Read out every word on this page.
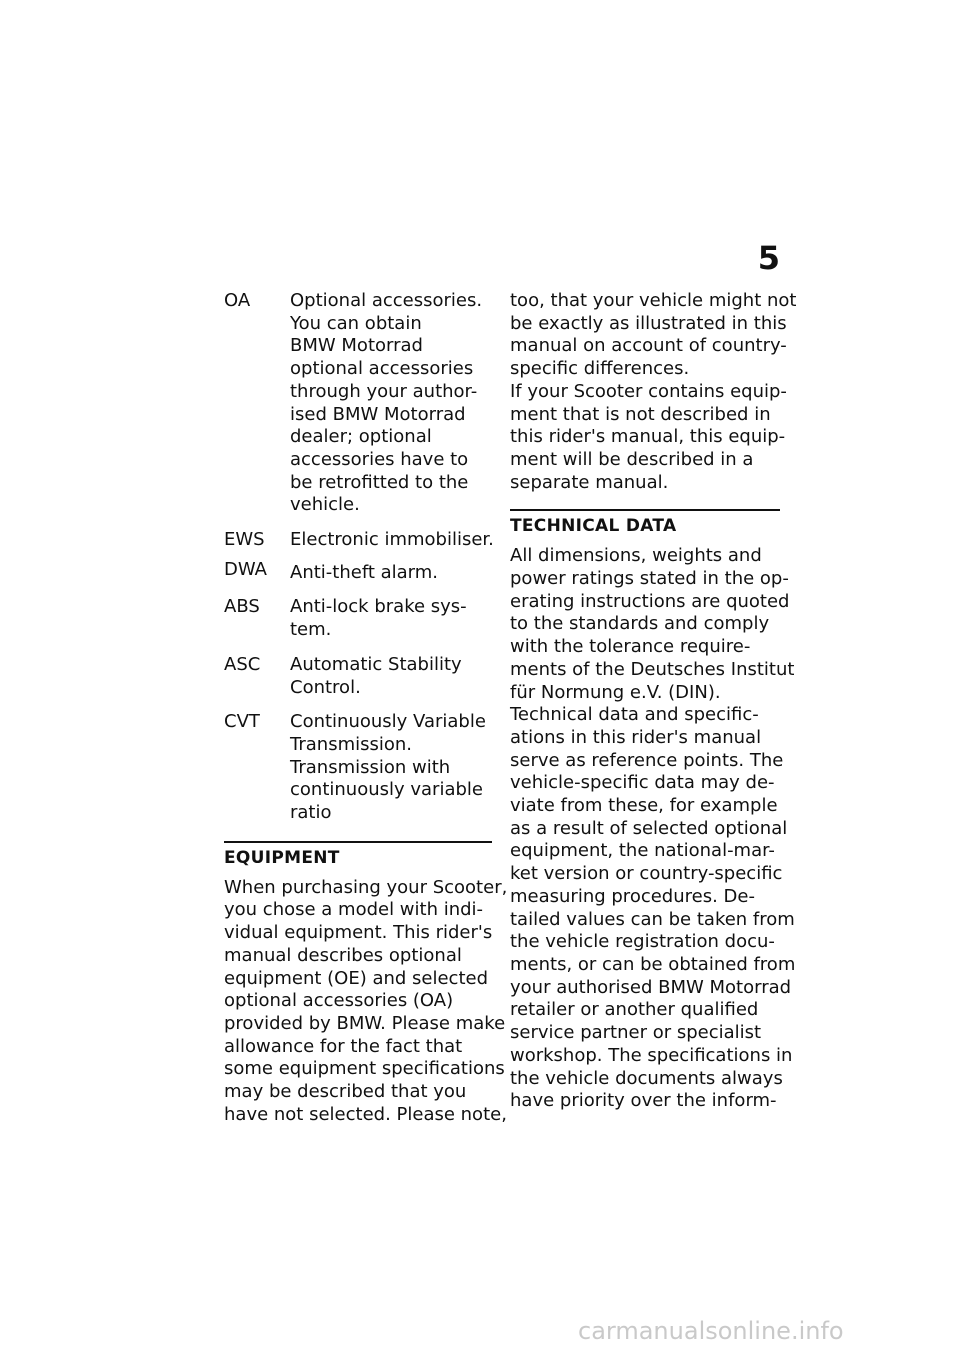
5
OA Optional accessories.
You can obtain
BMW Motorrad
optional accessories
through your author-
ised BMW Motorrad
dealer; optional
accessories have to
be retrofitted to the
vehicle.
EWS Electronic immobiliser.
DWA Anti-theft alarm.
ABS Anti-lock brake sys-
tem.
ASC Automatic Stability
Control.
CVT Continuously Variable
Transmission.
Transmission with
continuously variable
ratio
EQUIPMENT
When purchasing your Scooter,
you chose a model with indi-
vidual equipment. This rider's
manual describes optional
equipment (OE) and selected
optional accessories (OA)
provided by BMW. Please make
allowance for the fact that
some equipment specifications
may be described that you
have not selected. Please note,
too, that your vehicle might not
be exactly as illustrated in this
manual on account of country-
specific differences.
If your Scooter contains equip-
ment that is not described in
this rider's manual, this equip-
ment will be described in a
separate manual.
TECHNICAL DATA
All dimensions, weights and
power ratings stated in the op-
erating instructions are quoted
to the standards and comply
with the tolerance require-
ments of the Deutsches Institut
für Normung e.V. (DIN).
Technical data and specific-
ations in this rider's manual
serve as reference points. The
vehicle-specific data may de-
viate from these, for example
as a result of selected optional
equipment, the national-mar-
ket version or country-specific
measuring procedures. De-
tailed values can be taken from
the vehicle registration docu-
ments, or can be obtained from
your authorised BMW Motorrad
retailer or another qualified
service partner or specialist
workshop. The specifications in
the vehicle documents always
have priority over the inform-
carmanualsonline.info
